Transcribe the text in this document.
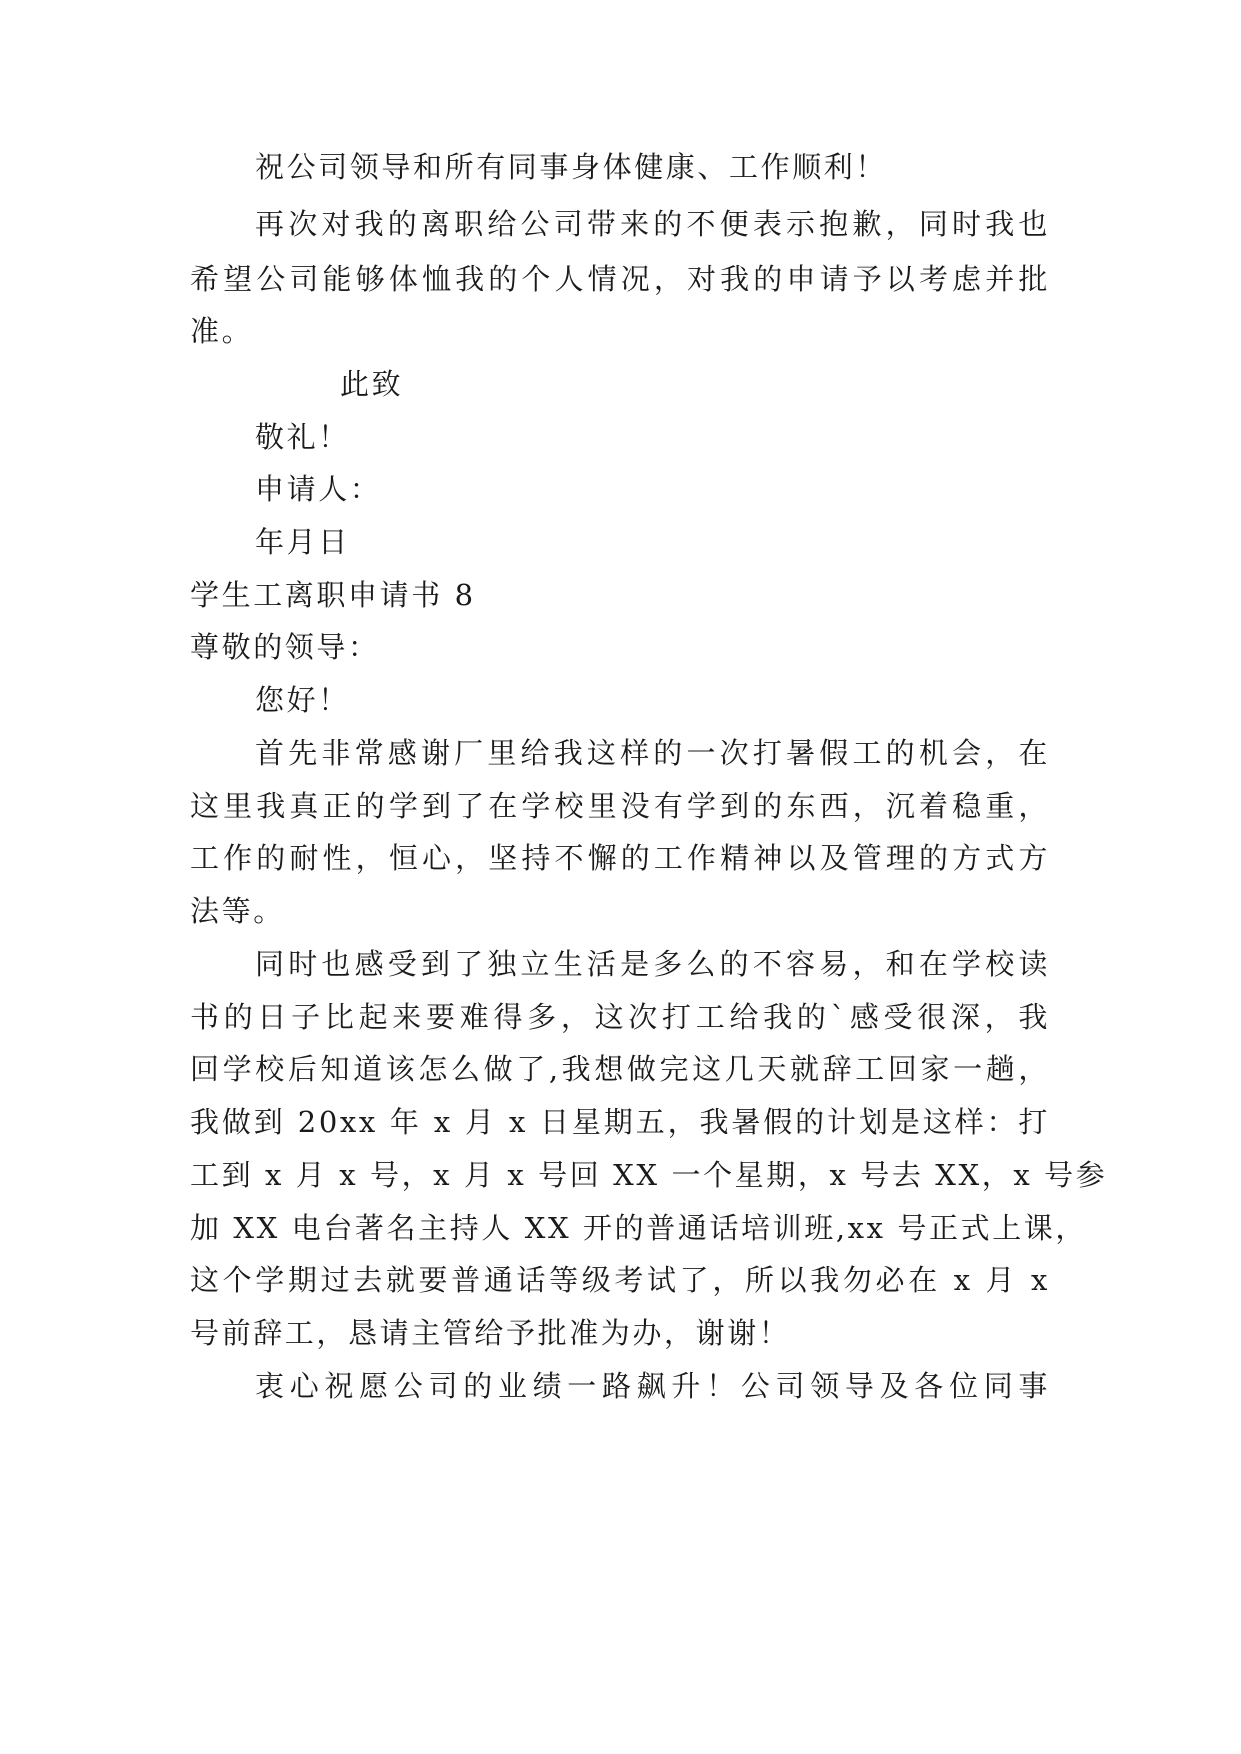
祝公司领导和所有同事身体健康、工作顺利！
再次对我的离职给公司带来的不便表示抱歉，同时我也
希望公司能够体恤我的个人情况，对我的申请予以考虑并批
准。
此致
敬礼！
申请人：
年月日
学生工离职申请书 8
尊敬的领导：
您好！
首先非常感谢厂里给我这样的一次打暑假工的机会，在
这里我真正的学到了在学校里没有学到的东西，沉着稳重，
工作的耐性，恒心，坚持不懈的工作精神以及管理的方式方
法等。
同时也感受到了独立生活是多么的不容易，和在学校读
书的日子比起来要难得多，这次打工给我的`感受很深，我
回学校后知道该怎么做了,我想做完这几天就辞工回家一趟，
我做到 20xx 年 x 月 x 日星期五，我暑假的计划是这样：打
工到 x 月 x 号，x 月 x 号回 XX 一个星期，x 号去 XX，x 号参
加 XX 电台著名主持人 XX 开的普通话培训班,xx 号正式上课，
这个学期过去就要普通话等级考试了，所以我勿必在 x 月 x
号前辞工，恳请主管给予批准为办，谢谢！
衷心祝愿公司的业绩一路飙升！公司领导及各位同事
